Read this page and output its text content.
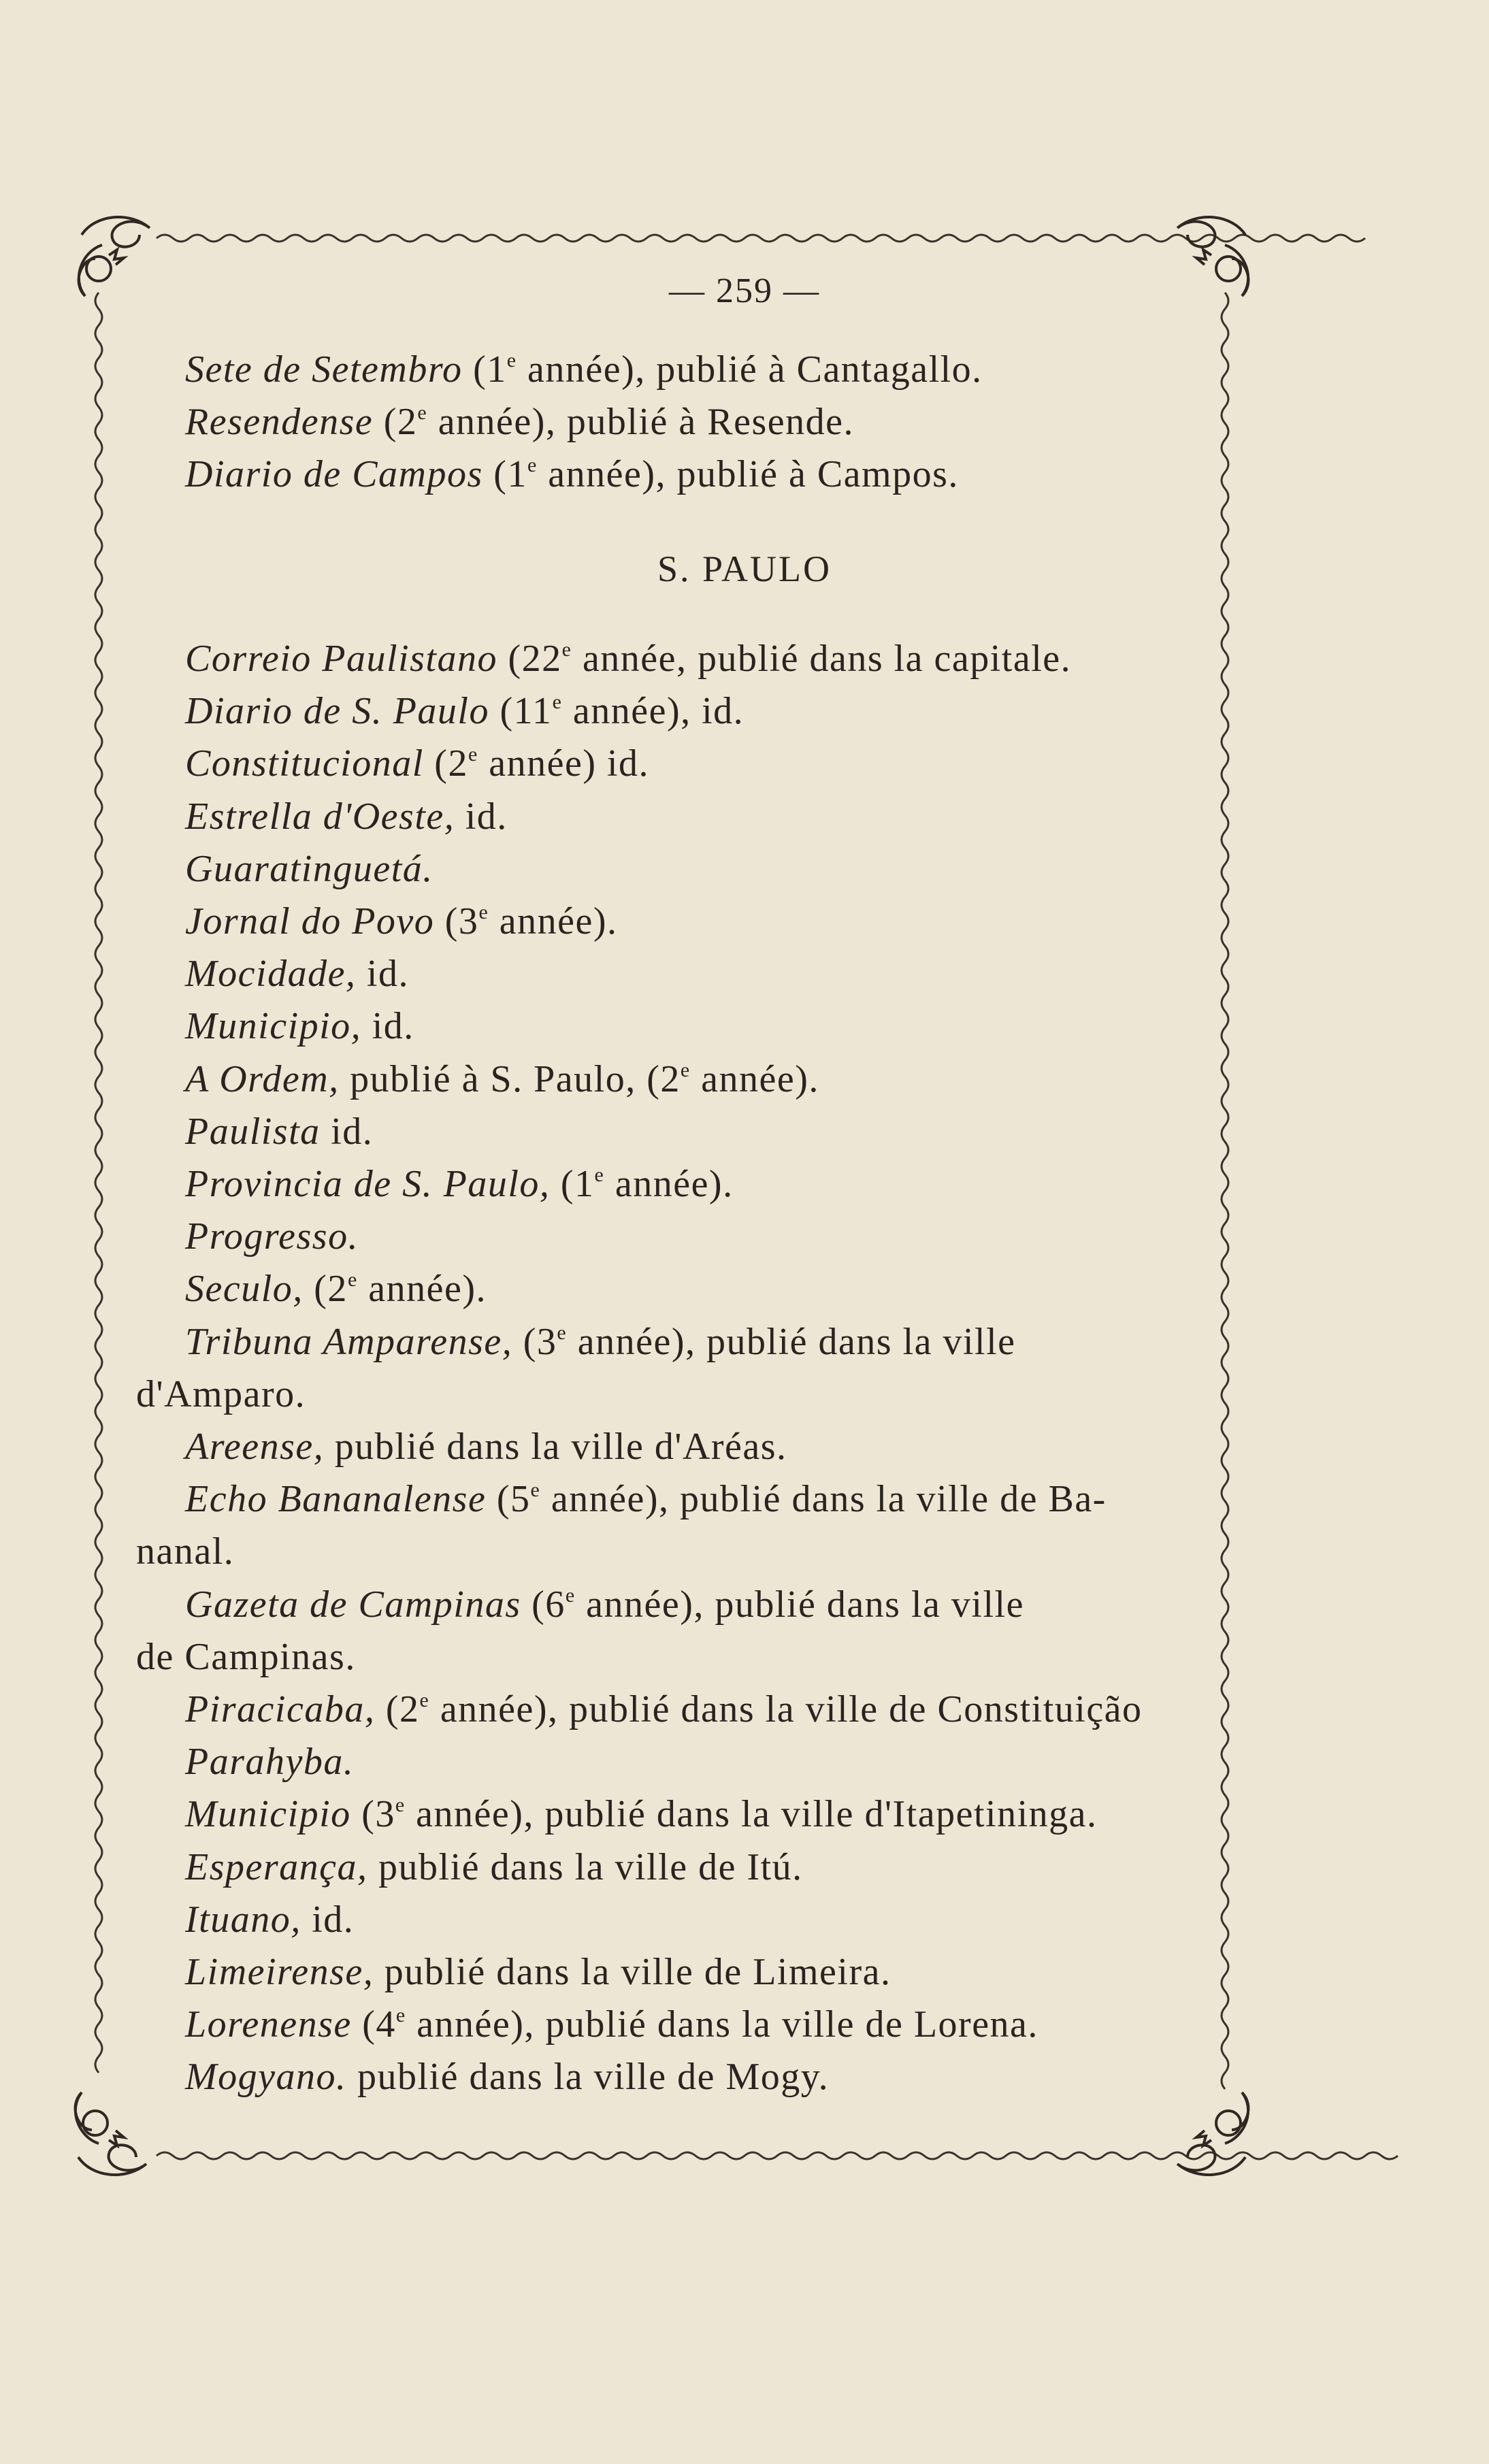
— 259 —
Sete de Setembro (1e année), publié à Cantagallo.
Resendense (2e année), publié à Resende.
Diario de Campos (1e année), publié à Campos.
S. PAULO
Correio Paulistano (22e année, publié dans la capitale.
Diario de S. Paulo (11e année), id.
Constitucional (2e année) id.
Estrella d'Oeste, id.
Guaratinguetá.
Jornal do Povo (3e année).
Mocidade, id.
Municipio, id.
A Ordem, publié à S. Paulo, (2e année).
Paulista id.
Provincia de S. Paulo, (1e année).
Progresso.
Seculo, (2e année).
Tribuna Amparense, (3e année), publié dans la ville
d'Amparo.
Areense, publié dans la ville d'Aréas.
Echo Bananalense (5e année), publié dans la ville de Ba-
nanal.
Gazeta de Campinas (6e année), publié dans la ville
de Campinas.
Piracicaba, (2e année), publié dans la ville de Constituição
Parahyba.
Municipio (3e année), publié dans la ville d'Itapetininga.
Esperança, publié dans la ville de Itú.
Ituano, id.
Limeirense, publié dans la ville de Limeira.
Lorenense (4e année), publié dans la ville de Lorena.
Mogyano. publié dans la ville de Mogy.
